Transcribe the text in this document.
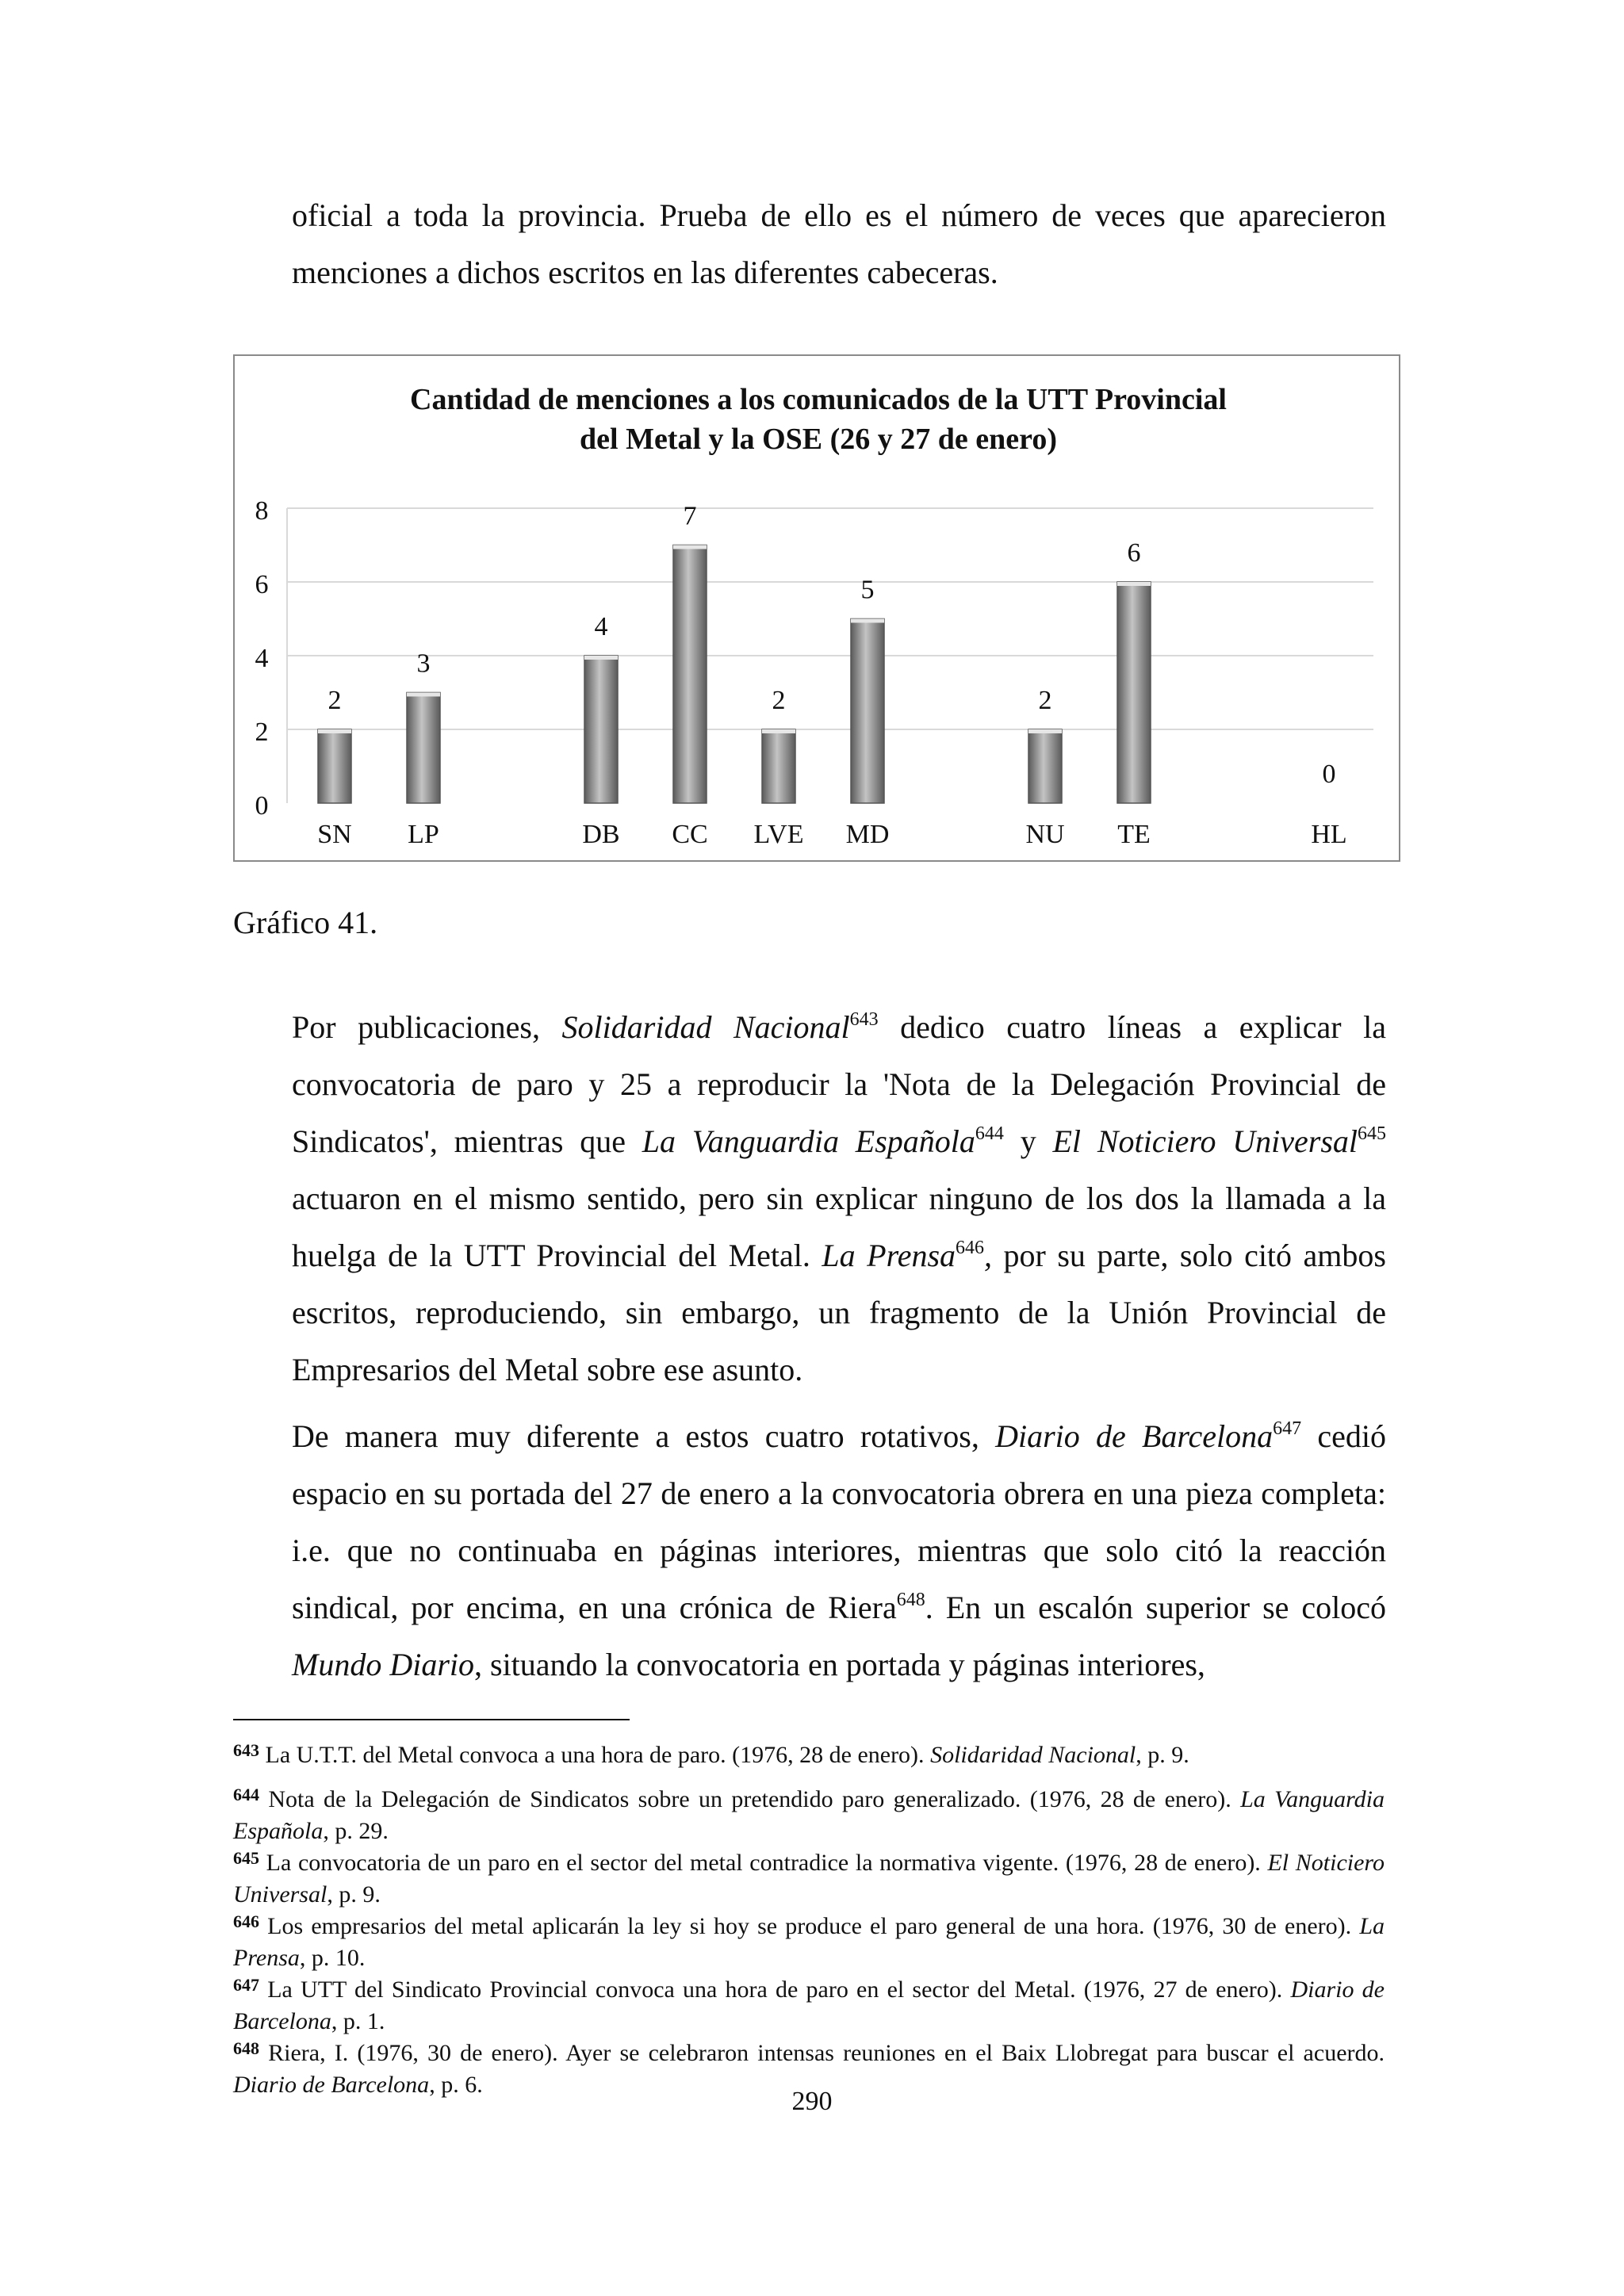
oficial a toda la provincia. Prueba de ello es el número de veces que aparecieron

menciones a dichos escritos en las diferentes cabeceras.

Cantidad de menciones a los comunicados de la UTT Provincial
del Metal y la OSE (26 y 27 de enero)
0
2
4
6
8
2
SN
3
LP
4
DB
7
CC
2
LVE
5
MD
2
NU
6
TE
0
HL

Gráfico 41.

Por publicaciones, Solidaridad Nacional$^{643}$ dedico cuatro líneas a explicar la convocatoria de paro y 25 a reproducir la 'Nota de la Delegación Provincial de Sindicatos', mientras que La Vanguardia Española$^{644}$ y El Noticiero Universal$^{645}$ actuaron en el mismo sentido, pero sin explicar ninguno de los dos la llamada a la huelga de la UTT Provincial del Metal. La Prensa$^{646}$, por su parte, solo citó ambos escritos, reproduciendo, sin embargo, un fragmento de la Unión Provincial de Empresarios del Metal sobre ese asunto.

De manera muy diferente a estos cuatro rotativos, Diario de Barcelona$^{647}$ cedió espacio en su portada del 27 de enero a la convocatoria obrera en una pieza completa: i.e. que no continuaba en páginas interiores, mientras que solo citó la reacción sindical, por encima, en una crónica de Riera$^{648}$. En un escalón superior se colocó Mundo Diario, situando la convocatoria en portada y páginas interiores,

$^{643}$ La U.T.T. del Metal convoca a una hora de paro. (1976, 28 de enero). Solidaridad Nacional, p. 9.

$^{644}$ Nota de la Delegación de Sindicatos sobre un pretendido paro generalizado. (1976, 28 de enero). La Vanguardia Española, p. 29.

$^{645}$ La convocatoria de un paro en el sector del metal contradice la normativa vigente. (1976, 28 de enero). El Noticiero Universal, p. 9.

$^{646}$ Los empresarios del metal aplicarán la ley si hoy se produce el paro general de una hora. (1976, 30 de enero). La Prensa, p. 10.

$^{647}$ La UTT del Sindicato Provincial convoca una hora de paro en el sector del Metal. (1976, 27 de enero). Diario de Barcelona, p. 1.

$^{648}$ Riera, I. (1976, 30 de enero). Ayer se celebraron intensas reuniones en el Baix Llobregat para buscar el acuerdo. Diario de Barcelona, p. 6.

290
